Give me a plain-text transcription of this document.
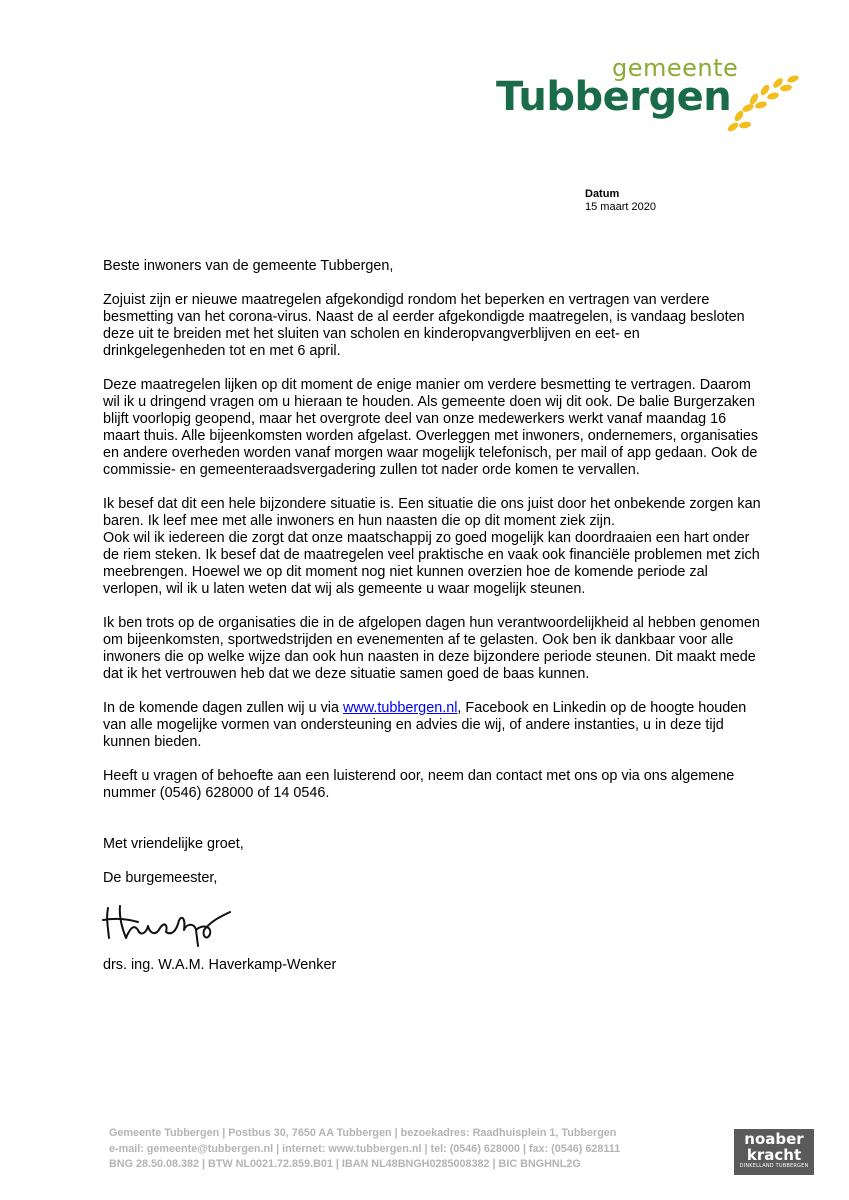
gemeente
Tubbergen
Datum
15 maart 2020

Beste inwoners van de gemeente Tubbergen,

Zojuist zijn er nieuwe maatregelen afgekondigd rondom het beperken en vertragen van verdere besmetting van het corona-virus. Naast de al eerder afgekondigde maatregelen, is vandaag besloten deze uit te breiden met het sluiten van scholen en kinderopvangverblijven en eet- en drinkgelegenheden tot en met 6 april.

Deze maatregelen lijken op dit moment de enige manier om verdere besmetting te vertragen. Daarom wil ik u dringend vragen om u hieraan te houden. Als gemeente doen wij dit ook. De balie Burgerzaken blijft voorlopig geopend, maar het overgrote deel van onze medewerkers werkt vanaf maandag 16 maart thuis. Alle bijeenkomsten worden afgelast. Overleggen met inwoners, ondernemers, organisaties en andere overheden worden vanaf morgen waar mogelijk telefonisch, per mail of app gedaan. Ook de commissie- en gemeenteraadsvergadering zullen tot nader orde komen te vervallen.

Ik besef dat dit een hele bijzondere situatie is. Een situatie die ons juist door het onbekende zorgen kan baren. Ik leef mee met alle inwoners en hun naasten die op dit moment ziek zijn.

Ook wil ik iedereen die zorgt dat onze maatschappij zo goed mogelijk kan doordraaien een hart onder de riem steken. Ik besef dat de maatregelen veel praktische en vaak ook financiële problemen met zich meebrengen. Hoewel we op dit moment nog niet kunnen overzien hoe de komende periode zal verlopen, wil ik u laten weten dat wij als gemeente u waar mogelijk steunen.

Ik ben trots op de organisaties die in de afgelopen dagen hun verantwoordelijkheid al hebben genomen om bijeenkomsten, sportwedstrijden en evenementen af te gelasten. Ook ben ik dankbaar voor alle inwoners die op welke wijze dan ook hun naasten in deze bijzondere periode steunen. Dit maakt mede dat ik het vertrouwen heb dat we deze situatie samen goed de baas kunnen.

In de komende dagen zullen wij u via www.tubbergen.nl, Facebook en Linkedin op de hoogte houden van alle mogelijke vormen van ondersteuning en advies die wij, of andere instanties, u in deze tijd kunnen bieden.

Heeft u vragen of behoefte aan een luisterend oor, neem dan contact met ons op via ons algemene nummer (0546) 628000 of 14 0546.

Met vriendelijke groet,

De burgemeester,

drs. ing. W.A.M. Haverkamp-Wenker
Gemeente Tubbergen | Postbus 30, 7650 AA Tubbergen | bezoekadres: Raadhuisplein 1, Tubbergen
e-mail: gemeente@tubbergen.nl | internet: www.tubbergen.nl | tel: (0546) 628000 | fax: (0546) 628111
BNG 28.50.08.382 | BTW NL0021.72.859.B01 | IBAN NL48BNGH0285008382 | BIC BNGHNL2G
noaber
kracht
DINKELLAND TUBBERGEN
